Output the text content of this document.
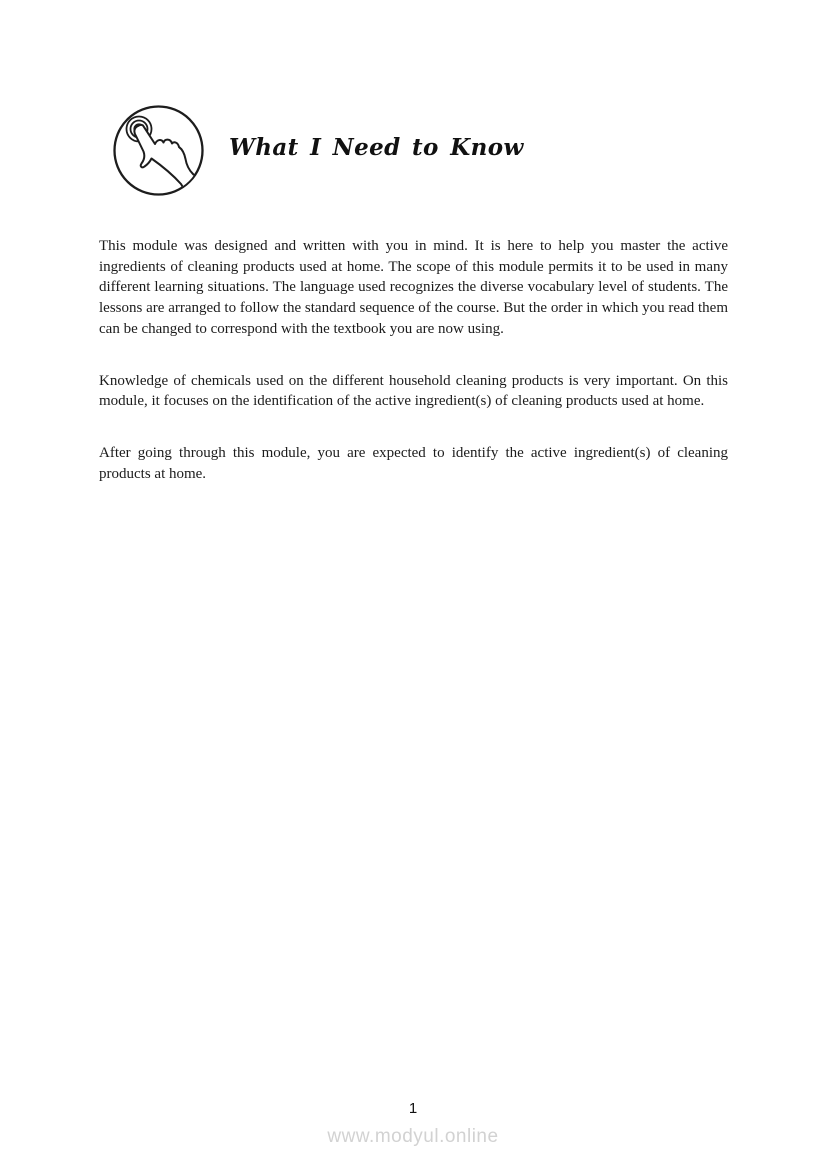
What I Need to Know

This module was designed and written with you in mind. It is here to help you master the active ingredients of cleaning products used at home. The scope of this module permits it to be used in many different learning situations. The language used recognizes the diverse vocabulary level of students. The lessons are arranged to follow the standard sequence of the course. But the order in which you read them can be changed to correspond with the textbook you are now using.

Knowledge of chemicals used on the different household cleaning products is very important. On this module, it focuses on the identification of the active ingredient(s) of cleaning products used at home.

After going through this module, you are expected to identify the active ingredient(s) of cleaning products at home.

1
www.modyul.online
